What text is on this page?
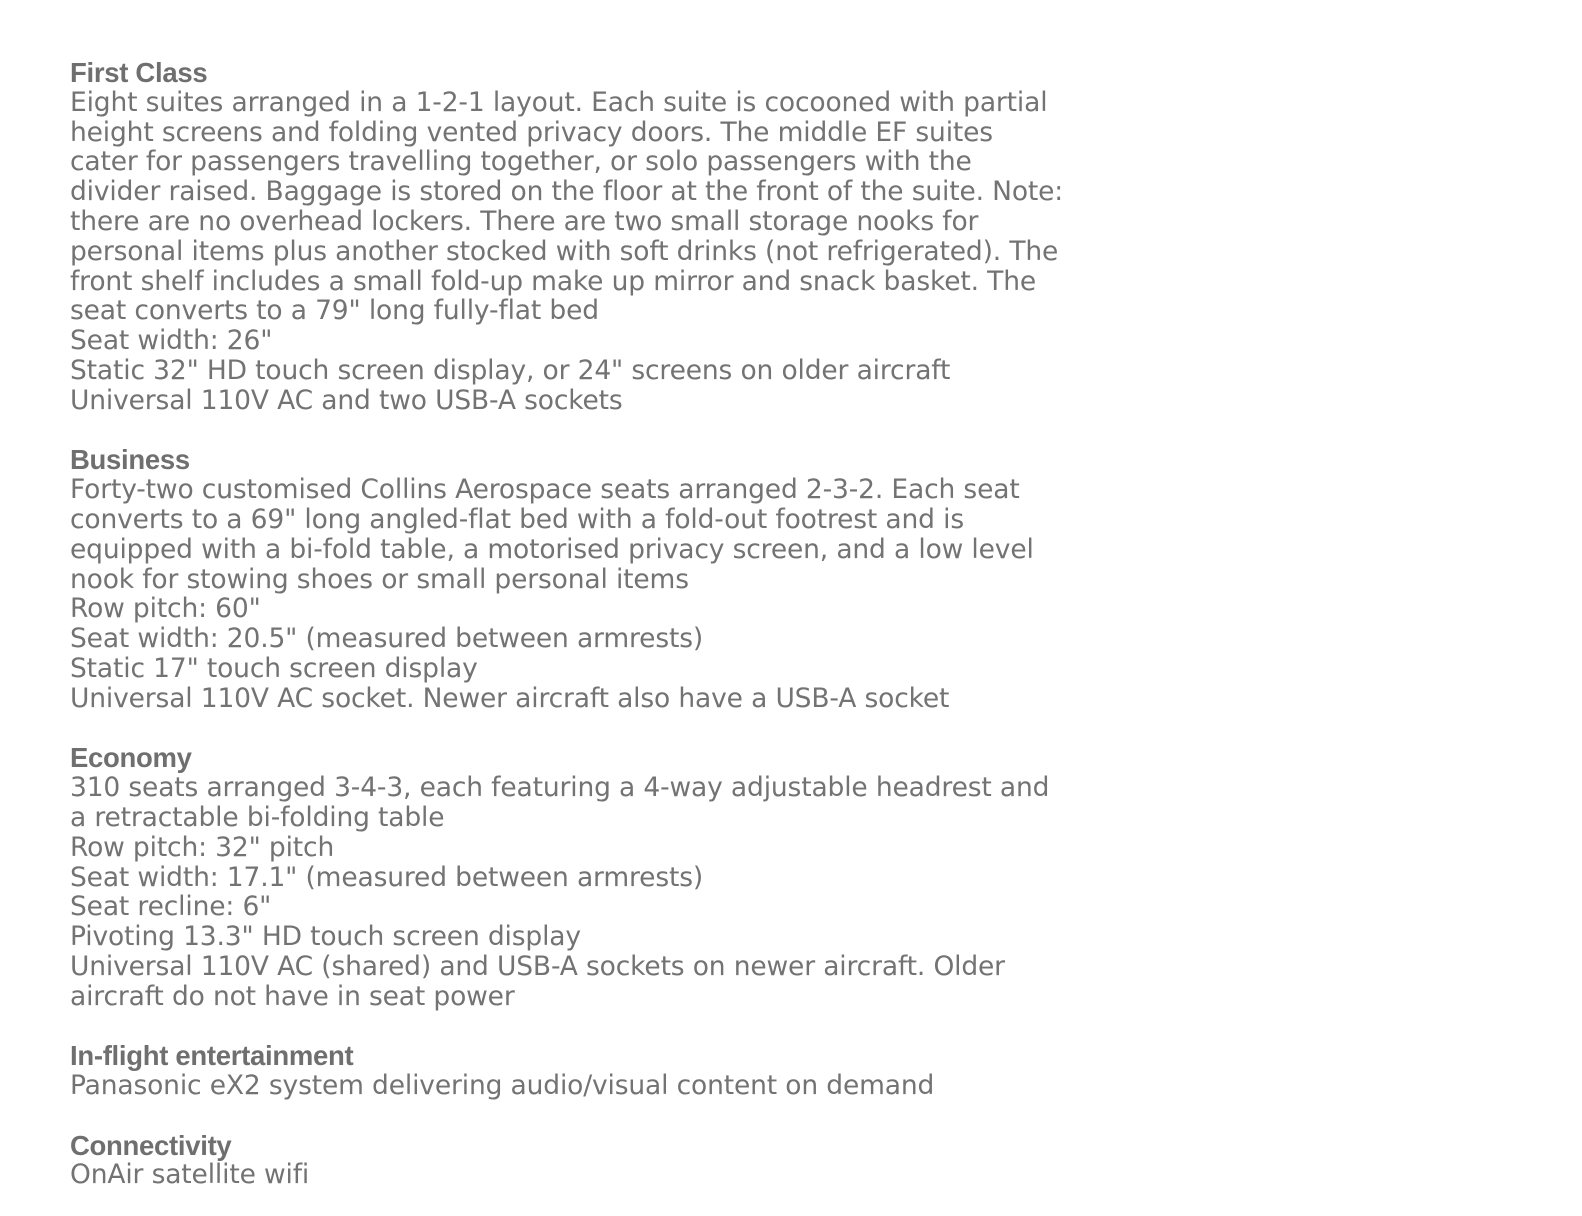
First Class
Eight suites arranged in a 1-2-1 layout. Each suite is cocooned with partial
height screens and folding vented privacy doors. The middle EF suites
cater for passengers travelling together, or solo passengers with the
divider raised. Baggage is stored on the floor at the front of the suite. Note:
there are no overhead lockers. There are two small storage nooks for
personal items plus another stocked with soft drinks (not refrigerated). The
front shelf includes a small fold-up make up mirror and snack basket. The
seat converts to a 79" long fully-flat bed
Seat width: 26"
Static 32" HD touch screen display, or 24" screens on older aircraft
Universal 110V AC and two USB-A sockets
Business
Forty-two customised Collins Aerospace seats arranged 2-3-2. Each seat
converts to a 69" long angled-flat bed with a fold-out footrest and is
equipped with a bi-fold table, a motorised privacy screen, and a low level
nook for stowing shoes or small personal items
Row pitch: 60"
Seat width: 20.5" (measured between armrests)
Static 17" touch screen display
Universal 110V AC socket. Newer aircraft also have a USB-A socket
Economy
310 seats arranged 3-4-3, each featuring a 4-way adjustable headrest and
a retractable bi-folding table
Row pitch: 32" pitch
Seat width: 17.1" (measured between armrests)
Seat recline: 6"
Pivoting 13.3" HD touch screen display
Universal 110V AC (shared) and USB-A sockets on newer aircraft. Older
aircraft do not have in seat power
In-flight entertainment
Panasonic eX2 system delivering audio/visual content on demand
Connectivity
OnAir satellite wifi
